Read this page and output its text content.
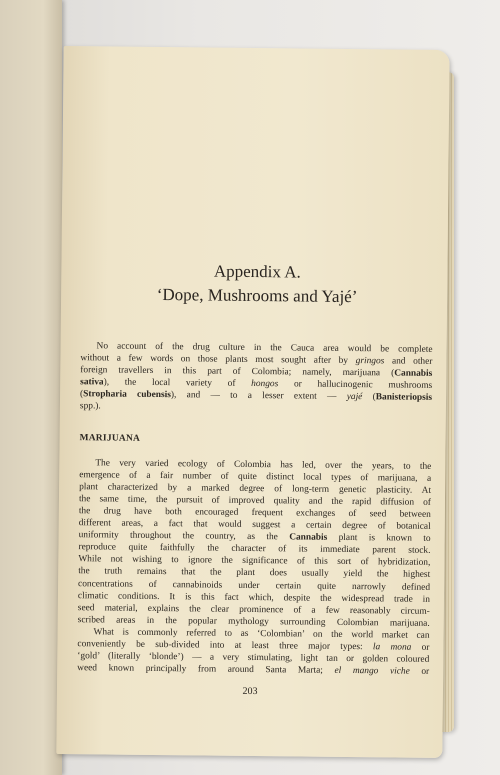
Appendix A.

‘Dope, Mushrooms and Yajé’

No account of the drug culture in the Cauca area would be complete

without a few words on those plants most sought after by gringos and other

foreign travellers in this part of Colombia; namely, marijuana (Cannabis

sativa), the local variety of hongos or hallucinogenic mushrooms

(Stropharia cubensis), and — to a lesser extent — yajé (Banisteriopsis

spp.).

MARIJUANA

The very varied ecology of Colombia has led, over the years, to the

emergence of a fair number of quite distinct local types of marijuana, a

plant characterized by a marked degree of long-term genetic plasticity. At

the same time, the pursuit of improved quality and the rapid diffusion of

the drug have both encouraged frequent exchanges of seed between

different areas, a fact that would suggest a certain degree of botanical

uniformity throughout the country, as the Cannabis plant is known to

reproduce quite faithfully the character of its immediate parent stock.

While not wishing to ignore the significance of this sort of hybridization,

the truth remains that the plant does usually yield the highest

concentrations of cannabinoids under certain quite narrowly defined

climatic conditions. It is this fact which, despite the widespread trade in

seed material, explains the clear prominence of a few reasonably circum-

scribed areas in the popular mythology surrounding Colombian marijuana.

What is commonly referred to as ‘Colombian’ on the world market can

conveniently be sub-divided into at least three major types: la mona or

‘gold’ (literally ‘blonde’) — a very stimulating, light tan or golden coloured

weed known principally from around Santa Marta; el mango viche or

203
